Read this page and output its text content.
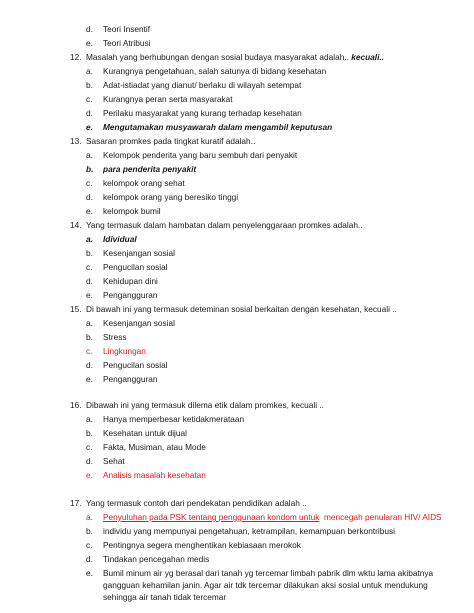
d. Teori Insentif
e. Teori Atribusi
12. Masalah yang berhubungan dengan sosial budaya masyarakat adalah.. kecuali..
a. Kurangnya pengetahuan, salah satunya di bidang kesehatan
b. Adat-istiadat yang dianut/ berlaku di wilayah setempat
c. Kurangnya peran serta masyarakat
d. Perilaku masyarakat yang kurang terhadap kesehatan
e. Mengutamakan musyawarah dalam mengambil keputusan
13. Sasaran promkes pada tingkat kuratif adalah..
a. Kelompok penderita yang baru sembuh dari penyakit
b. para penderita penyakit
c. kelompok orang sehat
d. kelompok orang yang beresiko tinggi
e. kelompok bumil
14. Yang termasuk dalam hambatan dalam penyelenggaraan promkes adalah..
a. Idividual
b. Kesenjangan sosial
c. Pengucilan sosial
d. Kehidupan dini
e. Pengangguran
15. Di bawah ini yang termasuk deteminan sosial berkaitan dengan kesehatan, kecuali ..
a. Kesenjangan sosial
b. Stress
c. Lingkungan
d. Pengucilan sosial
e. Pengangguran
16. Dibawah ini yang termasuk dilema etik dalam promkes, kecuali ..
a. Hanya memperbesar ketidakmerataan
b. Kesehatan untuk dijual
c. Fakta, Musiman, atau Mode
d. Sehat
e. Analisis masalah kesehatan
17. Yang termasuk contoh dari pendekatan pendidikan adalah ..
a. Penyuluhan pada PSK tentang penggunaan kondom untuk mencegah penularan HIV/ AIDS
b. individu yang mempunyai pengetahuan, ketrampilan, kemampuan berkontribusi
c. Pentingnya segera menghentikan kebiasaan merokok
d. Tindakan pencegahan medis
e. Bumil minum air yg berasal dari tanah yg tercemar limbah pabrik dlm wktu lama akibatnya
gangguan kehamilan janin. Agar air tdk tercemar dilakukan aksi sosial untuk mendukung
sehingga air tanah tidak tercemar
